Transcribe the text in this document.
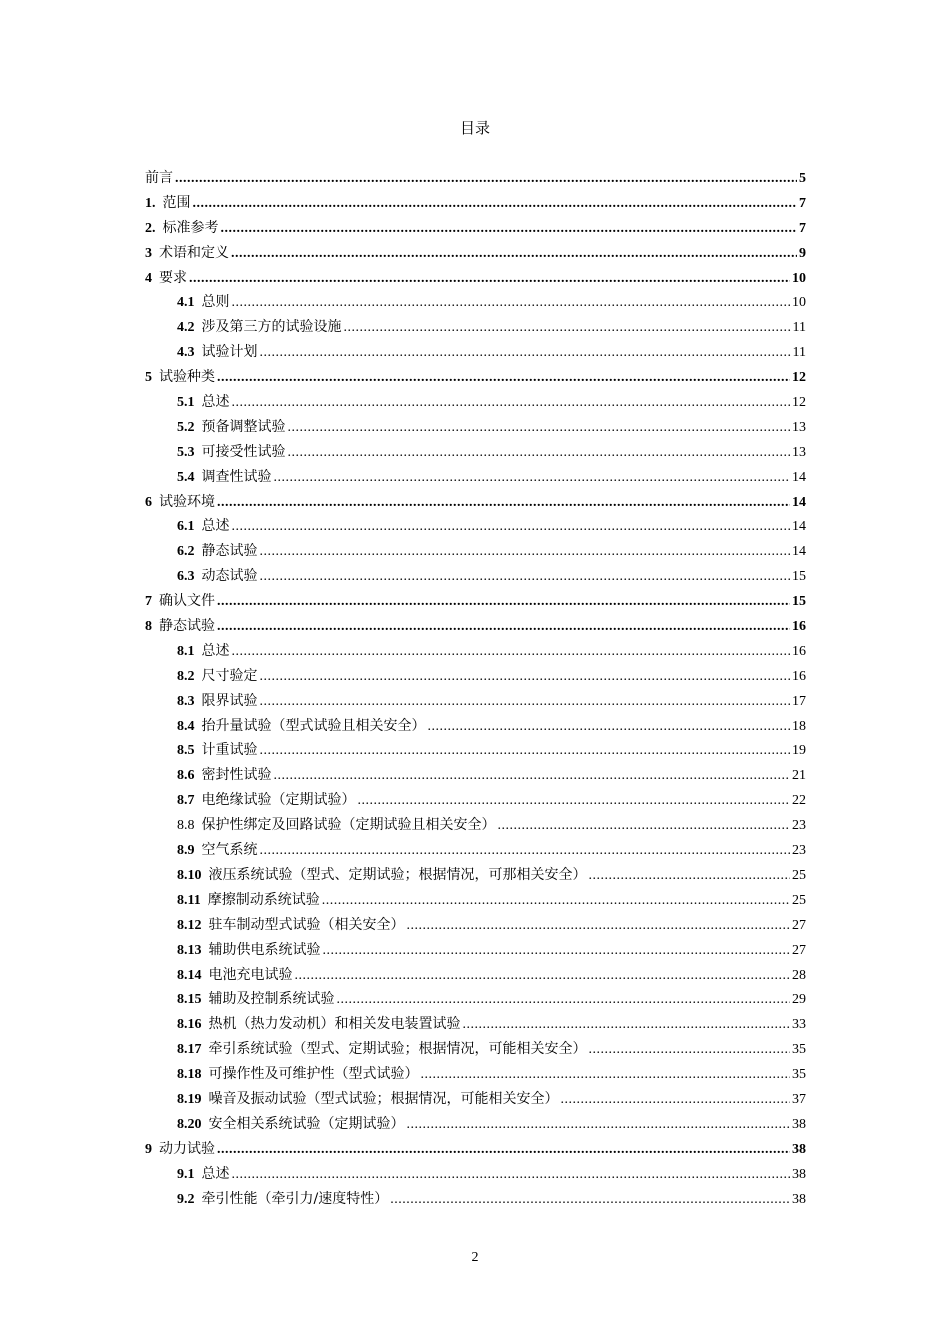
目录
前言 .....	5
1. 范围 .....	7
2. 标准参考 .....	7
3 术语和定义 .....	9
4 要求 .....	10
4.1 总则 .....	10
4.2 涉及第三方的试验设施 .....	11
4.3 试验计划 .....	11
5 试验种类 .....	12
5.1 总述 .....	12
5.2 预备调整试验 .....	13
5.3 可接受性试验 .....	13
5.4 调查性试验 .....	14
6 试验环境 .....	14
6.1 总述 .....	14
6.2 静态试验 .....	14
6.3 动态试验 .....	15
7 确认文件 .....	15
8 静态试验 .....	16
8.1 总述 .....	16
8.2 尺寸验定 .....	16
8.3 限界试验 .....	17
8.4 抬升量试验（型式试验且相关安全） .....	18
8.5 计重试验 .....	19
8.6 密封性试验 .....	21
8.7 电绝缘试验（定期试验） .....	22
8.8 保护性绑定及回路试验（定期试验且相关安全） .....	23
8.9 空气系统 .....	23
8.10 液压系统试验（型式、定期试验；根据情况，可那相关安全） .....	25
8.11 摩擦制动系统试验 .....	25
8.12 驻车制动型式试验（相关安全） .....	27
8.13 辅助供电系统试验 .....	27
8.14 电池充电试验 .....	28
8.15 辅助及控制系统试验 .....	29
8.16 热机（热力发动机）和相关发电装置试验 .....	33
8.17 牵引系统试验（型式、定期试验；根据情况，可能相关安全） .....	35
8.18 可操作性及可维护性（型式试验） .....	35
8.19 噪音及振动试验（型式试验；根据情况，可能相关安全） .....	37
8.20 安全相关系统试验（定期试验） .....	38
9 动力试验 .....	38
9.1 总述 .....	38
9.2 牵引性能（牵引力/速度特性） .....	38
2
